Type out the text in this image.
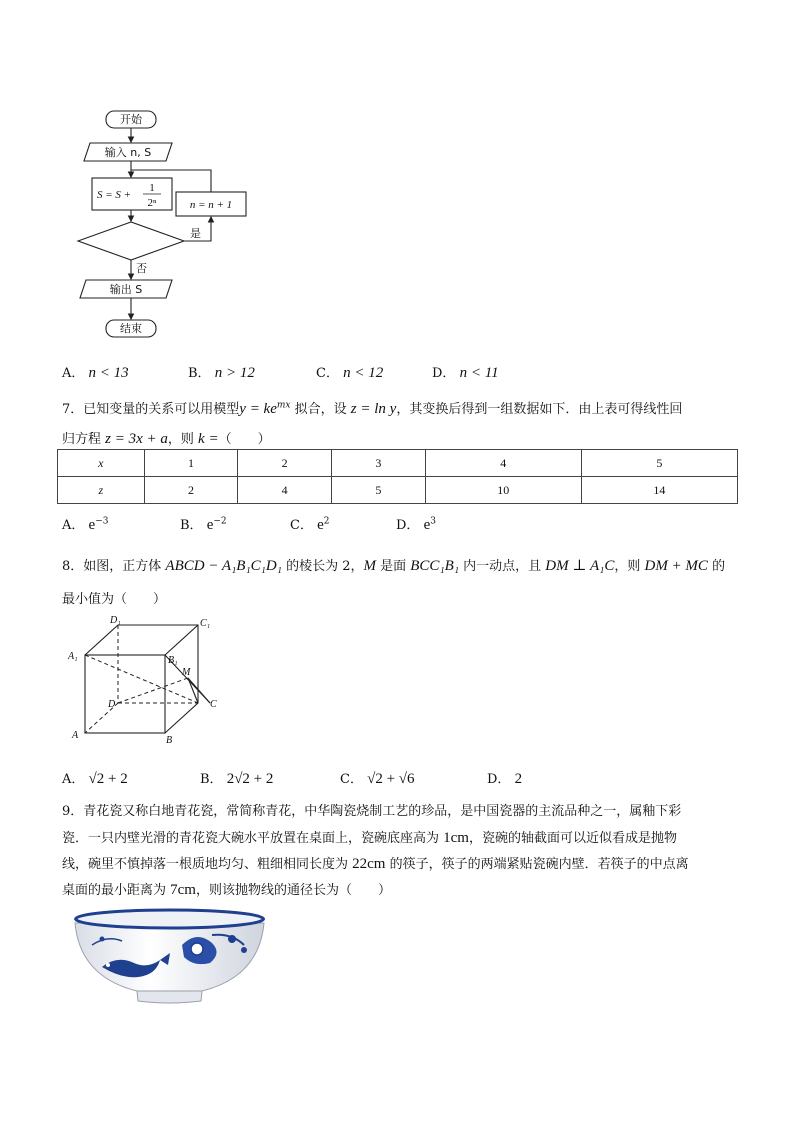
开始
输入 n, S
S = S +
1
2ⁿ	n = n + 1
是
否
输出 S
结束
A． n < 13	B． n > 12	C． n < 12	D． n < 11
7．已知变量的关系可以用模型$y = ke^{mx}$ 拟合，设 z = ln y，其变换后得到一组数据如下．由上表可得线性回
归方程 z = 3x + a，则 k =（　　）
x	1	2	3	4	5
z	2	4	5	10	14
A． $e^{-3}$	B． $e^{-2}$	C． $e^2$	D． $e^3$
8．如图，正方体 ABCD − A₁B₁C₁D₁ 的棱长为 2，M 是面 BCC₁B₁ 内一动点，且 DM ⊥ A₁C，则 DM + MC 的
最小值为（　　）
D₁	C₁
A₁	B₁
M
D	C
A	B
A． √2 + 2	B． 2√2 + 2	C． √2 + √6	D． 2
9．青花瓷又称白地青花瓷，常简称青花，中华陶瓷烧制工艺的珍品，是中国瓷器的主流品种之一，属釉下彩
瓷．一只内壁光滑的青花瓷大碗水平放置在桌面上，瓷碗底座高为 1cm，瓷碗的轴截面可以近似看成是抛物
线，碗里不慎掉落一根质地均匀、粗细相同长度为 22cm 的筷子，筷子的两端紧贴瓷碗内壁．若筷子的中点离
桌面的最小距离为 7cm，则该抛物线的通径长为（　　）
